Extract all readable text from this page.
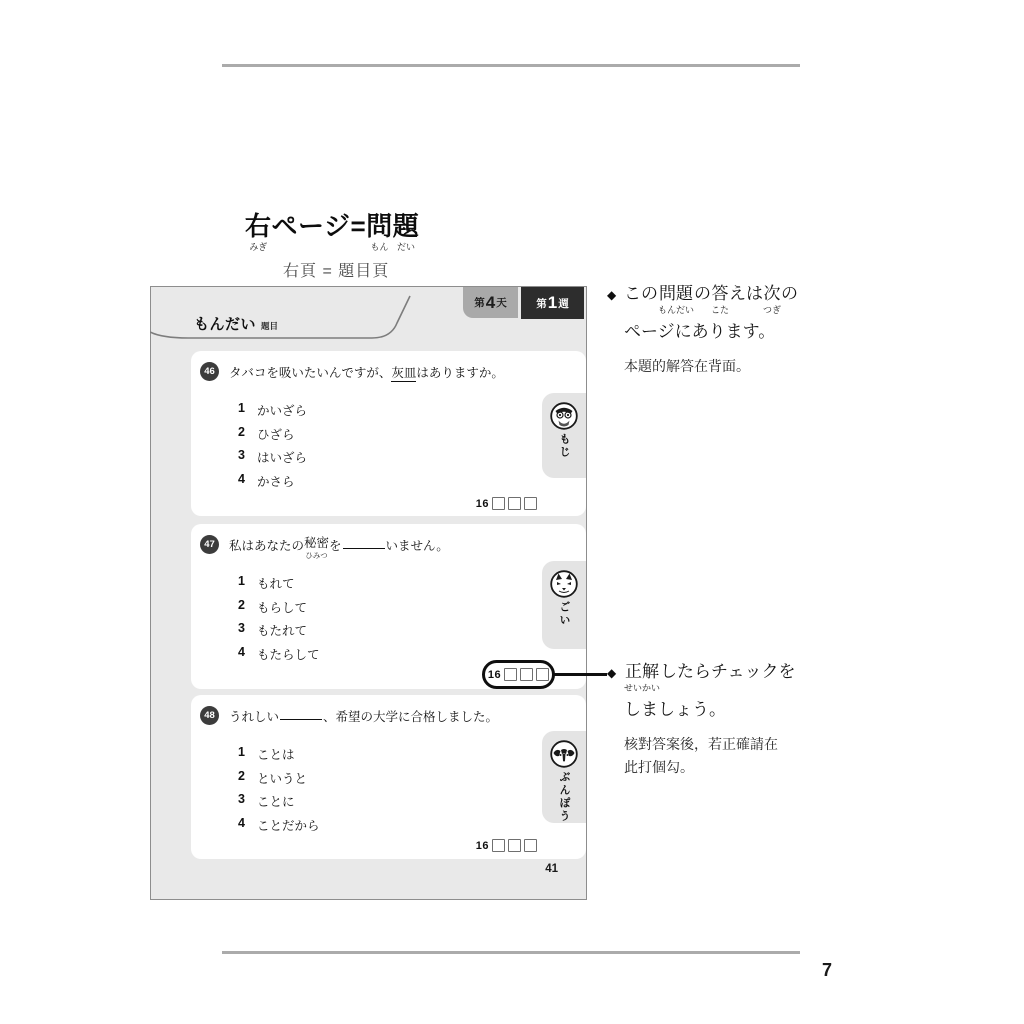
右
みぎ
ページ= 問
もん
題
だい
右頁 = 題目頁
もんだい 題目
第 4 天	第 1 週
46	タバコを吸いたいんですが、 灰皿 はありますか。
1 かいざら
2 ひざら
3 はいざら
4 かさら
16
47	私はあなたの 秘密
ひみつ
を	いません。
1 もれて
2 もらして
3 もたれて
4 もたらして
16
48	うれしい	、希望の大学に合格しました。
1 ことは
2 というと
3 ことに
4 ことだから
16
もじ
ごい
ぶんぽう
41
◆ この 問題
もんだい
の 答
こた
えは 次
つぎ
の
ページにあります。
本題的解答在背面。
◆ 正解
せいかい
したらチェックを
しましょう。
核對答案後，若正確請在
此打個勾。
7
